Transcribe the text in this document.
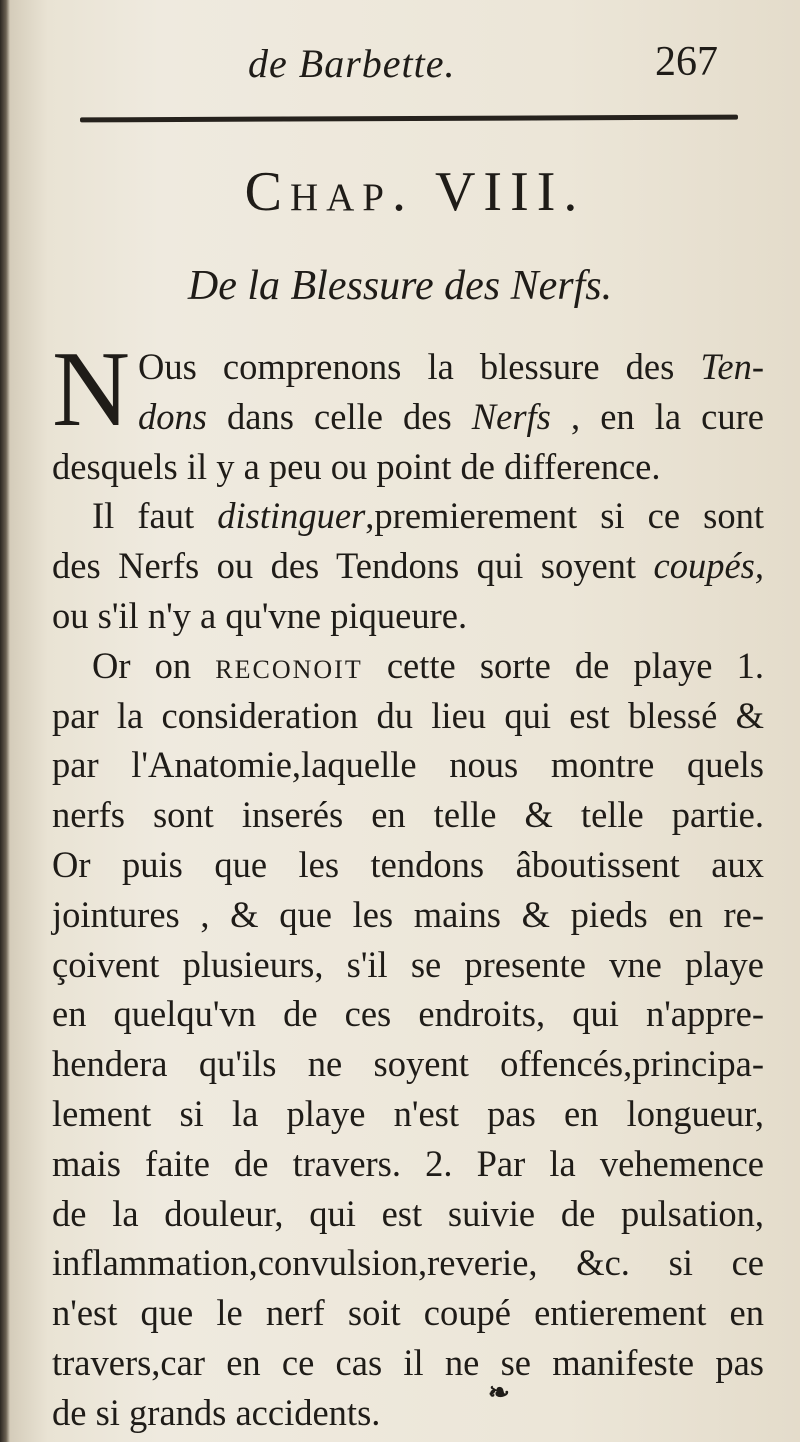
de Barbette.	267
Chap. VIII.
De la Blessure des Nerfs.
N Ous comprenons la blessure des Ten-
dons dans celle des Nerfs , en la cure
desquels il y a peu ou point de difference.
Il faut distinguer,premierement si ce sont
des Nerfs ou des Tendons qui soyent coupés,
ou s'il n'y a qu'vne piqueure.
Or on reconoit cette sorte de playe 1.
par la consideration du lieu qui est blessé &
par l'Anatomie,laquelle nous montre quels
nerfs sont inserés en telle & telle partie.
Or puis que les tendons âboutissent aux
jointures , & que les mains & pieds en re-
çoivent plusieurs, s'il se presente vne playe
en quelqu'vn de ces endroits, qui n'appre-
hendera qu'ils ne soyent offencés,principa-
lement si la playe n'est pas en longueur,
mais faite de travers. 2. Par la vehemence
de la douleur, qui est suivie de pulsation,
inflammation,convulsion,reverie, &c. si ce
n'est que le nerf soit coupé entierement en
travers,car en ce cas il ne se manifeste pas
de si grands accidents.	❧
